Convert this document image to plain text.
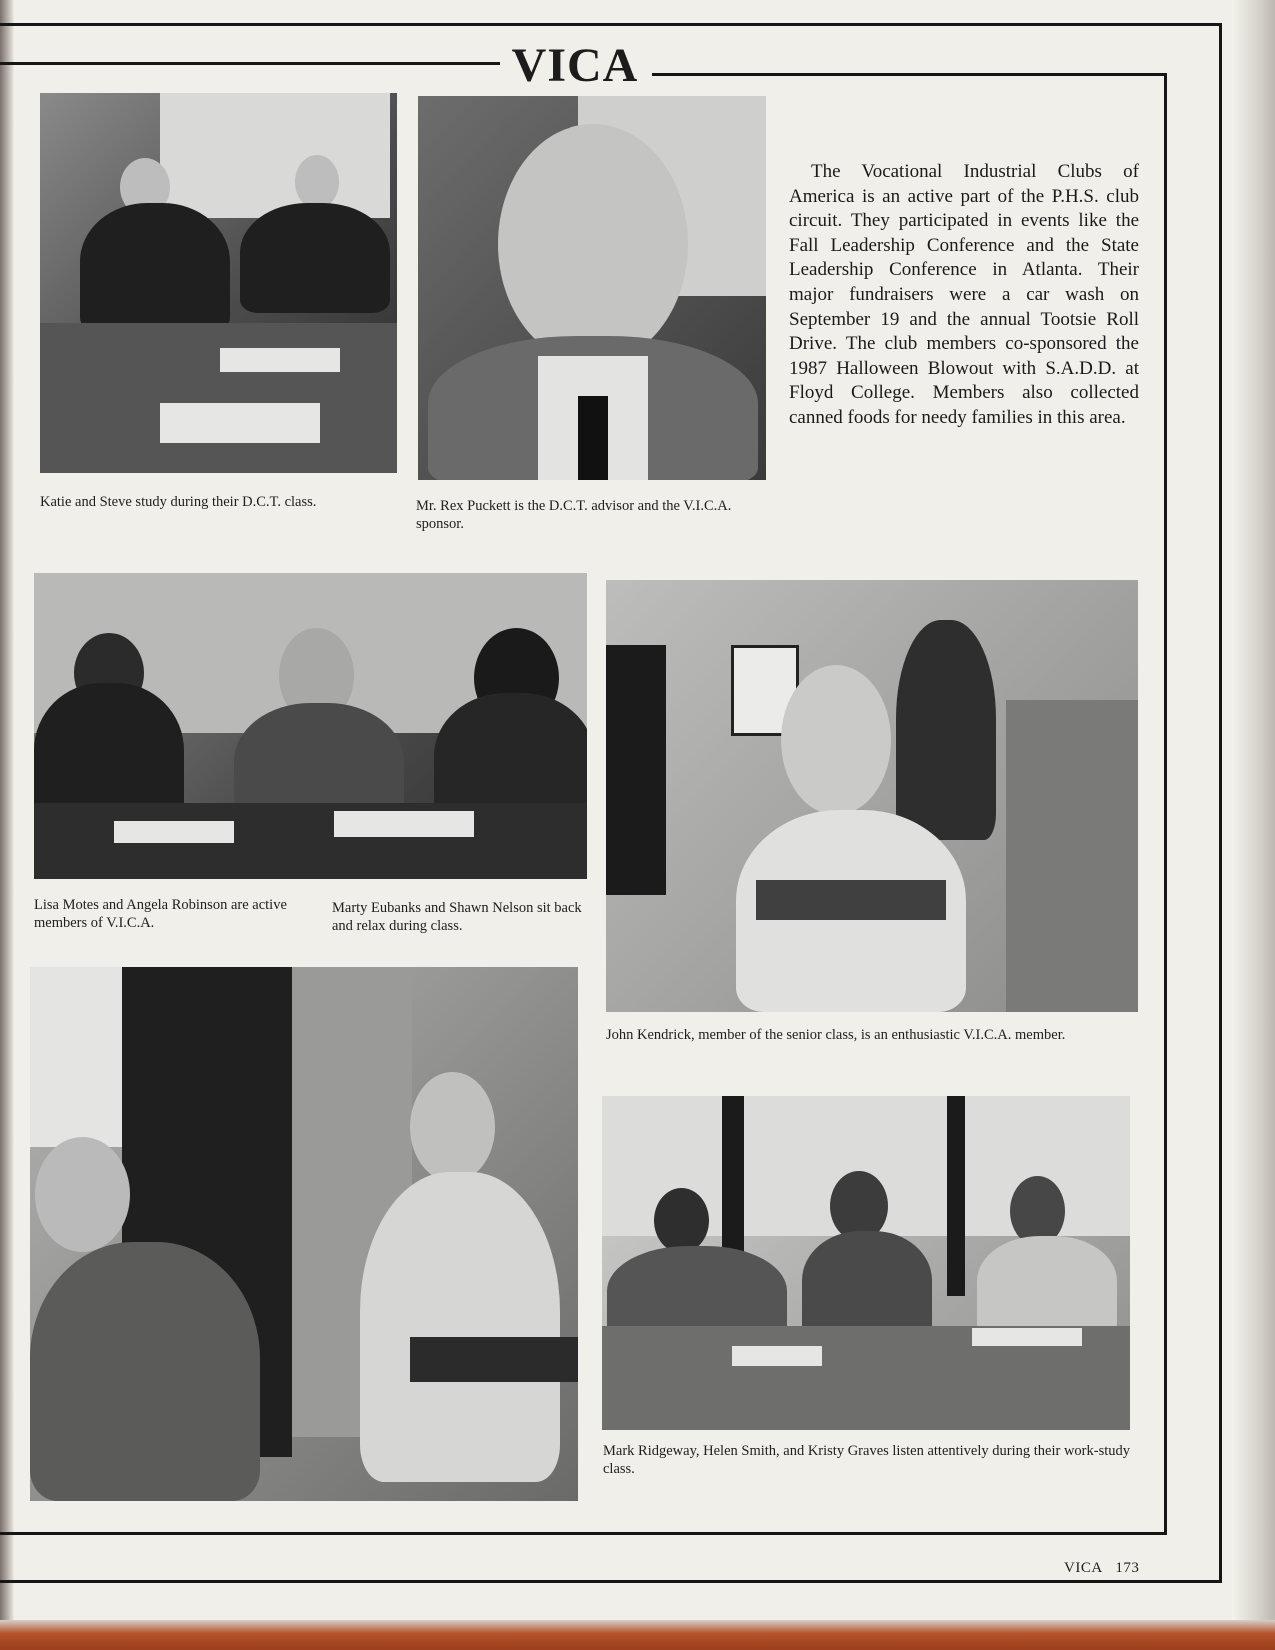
VICA
Katie and Steve study during their D.C.T. class.	Mr. Rex Puckett is the D.C.T. advisor and the V.I.C.A. sponsor.
The Vocational Industrial Clubs of America is an active part of the P.H.S. club circuit. They participated in events like the Fall Leadership Conference and the State Leadership Conference in Atlanta. Their major fundraisers were a car wash on September 19 and the annual Tootsie Roll Drive. The club members co-sponsored the 1987 Halloween Blowout with S.A.D.D. at Floyd College. Members also collected canned foods for needy families in this area.
Lisa Motes and Angela Robinson are active members of V.I.C.A.
Marty Eubanks and Shawn Nelson sit back and relax during class.
John Kendrick, member of the senior class, is an enthusiastic V.I.C.A. member.
Mark Ridgeway, Helen Smith, and Kristy Graves listen attentively during their work-study class.
VICA 173
